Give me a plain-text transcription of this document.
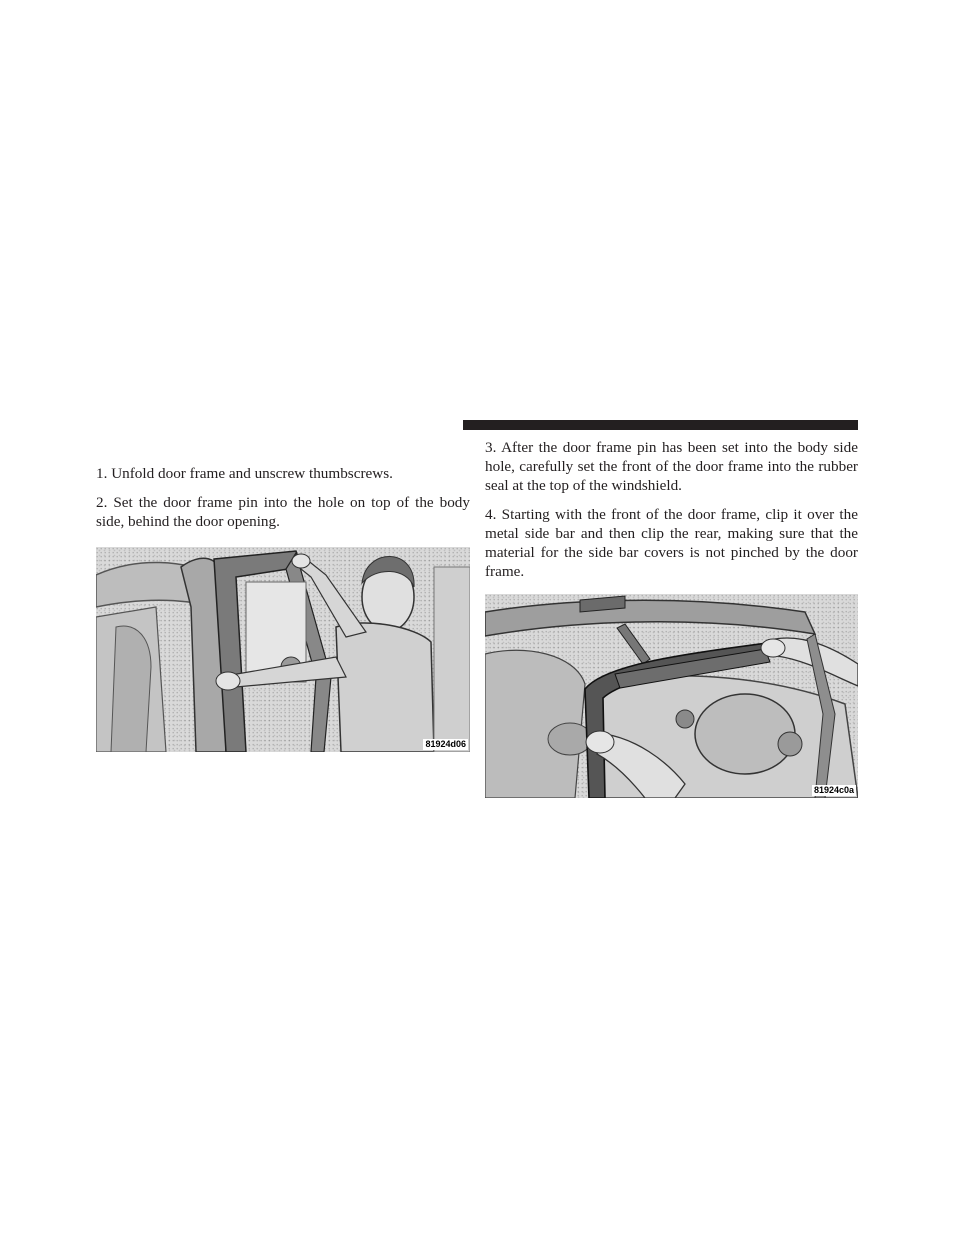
1. Unfold door frame and unscrew thumbscrews.

2. Set the door frame pin into the hole on top of the body side, behind the door opening.

81924d06

3. After the door frame pin has been set into the body side hole, carefully set the front of the door frame into the rubber seal at the top of the windshield.

4. Starting with the front of the door frame, clip it over the metal side bar and then clip the rear, making sure that the material for the side bar covers is not pinched by the door frame.

81924c0a
